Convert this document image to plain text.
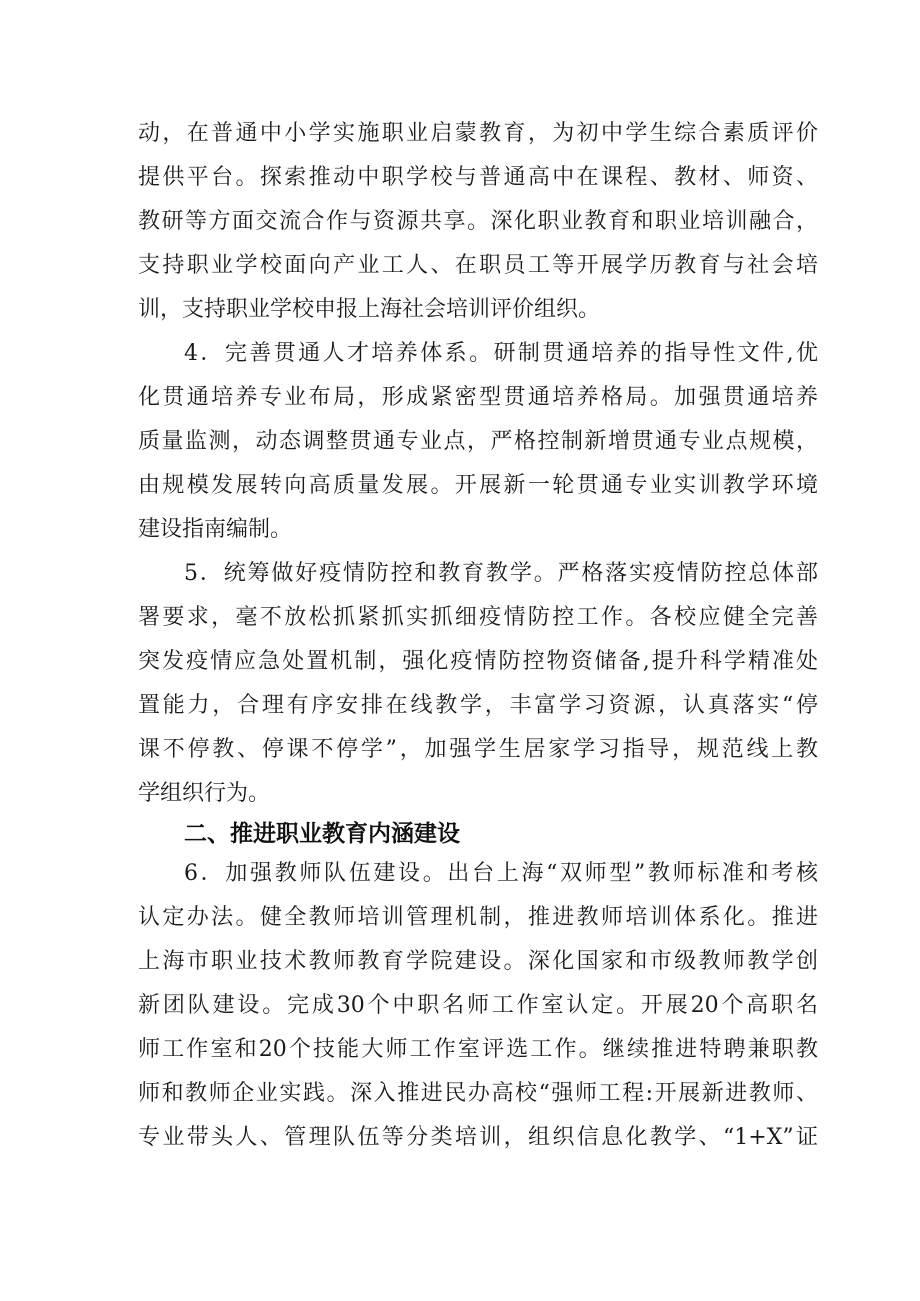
动，在普通中小学实施职业启蒙教育，为初中学生综合素质评价
提供平台。探索推动中职学校与普通高中在课程、教材、师资、
教研等方面交流合作与资源共享。深化职业教育和职业培训融合，
支持职业学校面向产业工人、在职员工等开展学历教育与社会培
训，支持职业学校申报上海社会培训评价组织。
4．完善贯通人才培养体系。研制贯通培养的指导性文件,优
化贯通培养专业布局，形成紧密型贯通培养格局。加强贯通培养
质量监测，动态调整贯通专业点，严格控制新增贯通专业点规模，
由规模发展转向高质量发展。开展新一轮贯通专业实训教学环境
建设指南编制。
5．统筹做好疫情防控和教育教学。严格落实疫情防控总体部
署要求，毫不放松抓紧抓实抓细疫情防控工作。各校应健全完善
突发疫情应急处置机制，强化疫情防控物资储备,提升科学精准处
置能力，合理有序安排在线教学，丰富学习资源，认真落实“停
课不停教、停课不停学”，加强学生居家学习指导，规范线上教
学组织行为。
二、推进职业教育内涵建设
6．加强教师队伍建设。出台上海“双师型”教师标准和考核
认定办法。健全教师培训管理机制，推进教师培训体系化。推进
上海市职业技术教师教育学院建设。深化国家和市级教师教学创
新团队建设。完成30个中职名师工作室认定。开展20个高职名
师工作室和20个技能大师工作室评选工作。继续推进特聘兼职教
师和教师企业实践。深入推进民办高校“强师工程:开展新进教师、
专业带头人、管理队伍等分类培训，组织信息化教学、“1+X”证
